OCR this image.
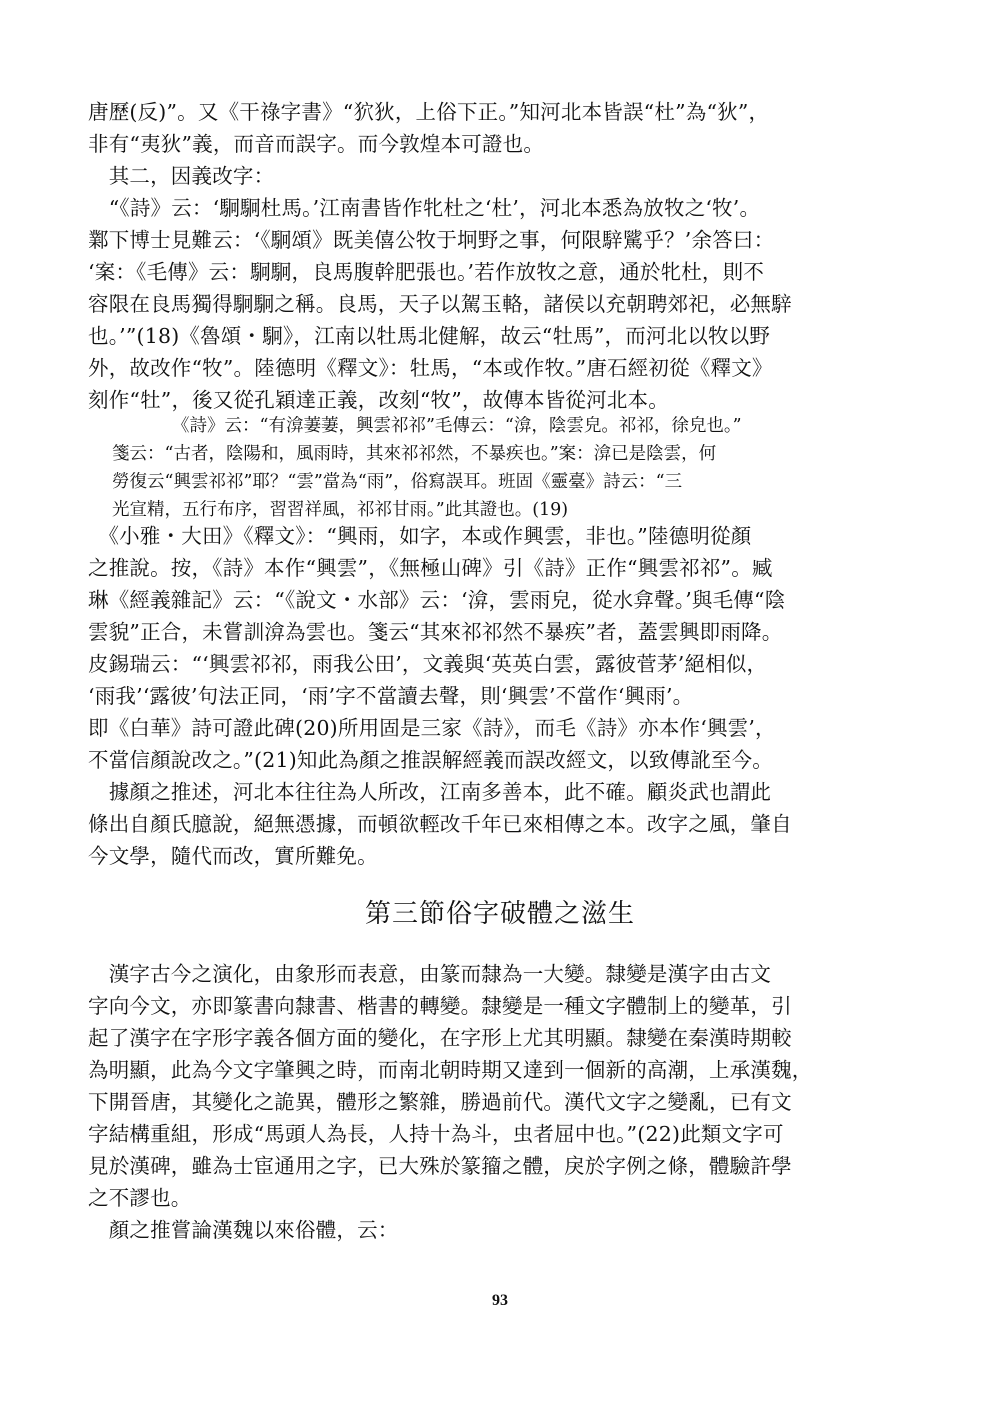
唐歷(反)”。又《干祿字書》“狖狄，上俗下正。”知河北本皆誤“杜”為“狄”，
非有“夷狄”義，而音而誤字。而今敦煌本可證也。
　其二，因義改字：
　“《詩》云：‘駉駉杜馬。’江南書皆作牝杜之‘杜’，河北本悉為放牧之‘牧’。
鄴下博士見難云：‘《駉頌》既美僖公牧于坰野之事，何限騂騭乎？’余答曰：
‘案：《毛傳》云：駉駉，良馬腹幹肥張也。’若作放牧之意，通於牝杜，則不
容限在良馬獨得駉駉之稱。良馬，天子以駕玉輅，諸侯以充朝聘郊祀，必無騂
也。’”(18)《魯頌・駉》，江南以牡馬北健解，故云“牡馬”，而河北以牧以野
外，故改作“牧”。陸德明《釋文》：牡馬，“本或作牧。”唐石經初從《釋文》
刻作“牡”，後又從孔穎達正義，改刻“牧”，故傳本皆從河北本。
《詩》云：“有渰萋萋，興雲祁祁”毛傳云：“渰，陰雲皃。祁祁，徐皃也。”
箋云：“古者，陰陽和，風雨時，其來祁祁然，不暴疾也。”案：渰已是陰雲，何
勞復云“興雲祁祁”耶？“雲”當為“雨”，俗寫誤耳。班固《靈臺》詩云：“三
光宣精，五行布序，習習祥風，祁祁甘雨。”此其證也。(19)
　《小雅・大田》《釋文》：“興雨，如字，本或作興雲，非也。”陸德明從顏
之推說。按，《詩》本作“興雲”，《無極山碑》引《詩》正作“興雲祁祁”。臧
琳《經義雜記》云：“《說文・水部》云：‘渰，雲雨皃，從水弇聲。’與毛傳“陰
雲貌”正合，未嘗訓渰為雲也。箋云“其來祁祁然不暴疾”者，蓋雲興即雨降。
皮錫瑞云：“‘興雲祁祁，雨我公田’，文義與‘英英白雲，露彼菅茅’絕相似，
‘雨我’‘露彼’句法正同，‘雨’字不當讀去聲，則‘興雲’不當作‘興雨’。
即《白華》詩可證此碑(20)所用固是三家《詩》，而毛《詩》亦本作‘興雲’，
不當信顏說改之。”(21)知此為顏之推誤解經義而誤改經文，以致傳訛至今。
　據顏之推述，河北本往往為人所改，江南多善本，此不確。顧炎武也謂此
條出自顏氏臆說，絕無憑據，而頓欲輕改千年已來相傳之本。改字之風，肇自
今文學，隨代而改，實所難免。
第三節俗字破體之滋生
　漢字古今之演化，由象形而表意，由篆而隸為一大變。隸變是漢字由古文
字向今文，亦即篆書向隸書、楷書的轉變。隸變是一種文字體制上的變革，引
起了漢字在字形字義各個方面的變化，在字形上尤其明顯。隸變在秦漢時期較
為明顯，此為今文字肇興之時，而南北朝時期又達到一個新的高潮，上承漢魏，
下開晉唐，其變化之詭異，體形之繁雜，勝過前代。漢代文字之變亂，已有文
字結構重組，形成“馬頭人為長，人持十為斗，虫者屈中也。”(22)此類文字可
見於漢碑，雖為士宦通用之字，已大殊於篆籀之體，戾於字例之條，體驗許學
之不謬也。
　顏之推嘗論漢魏以來俗體，云：
93
